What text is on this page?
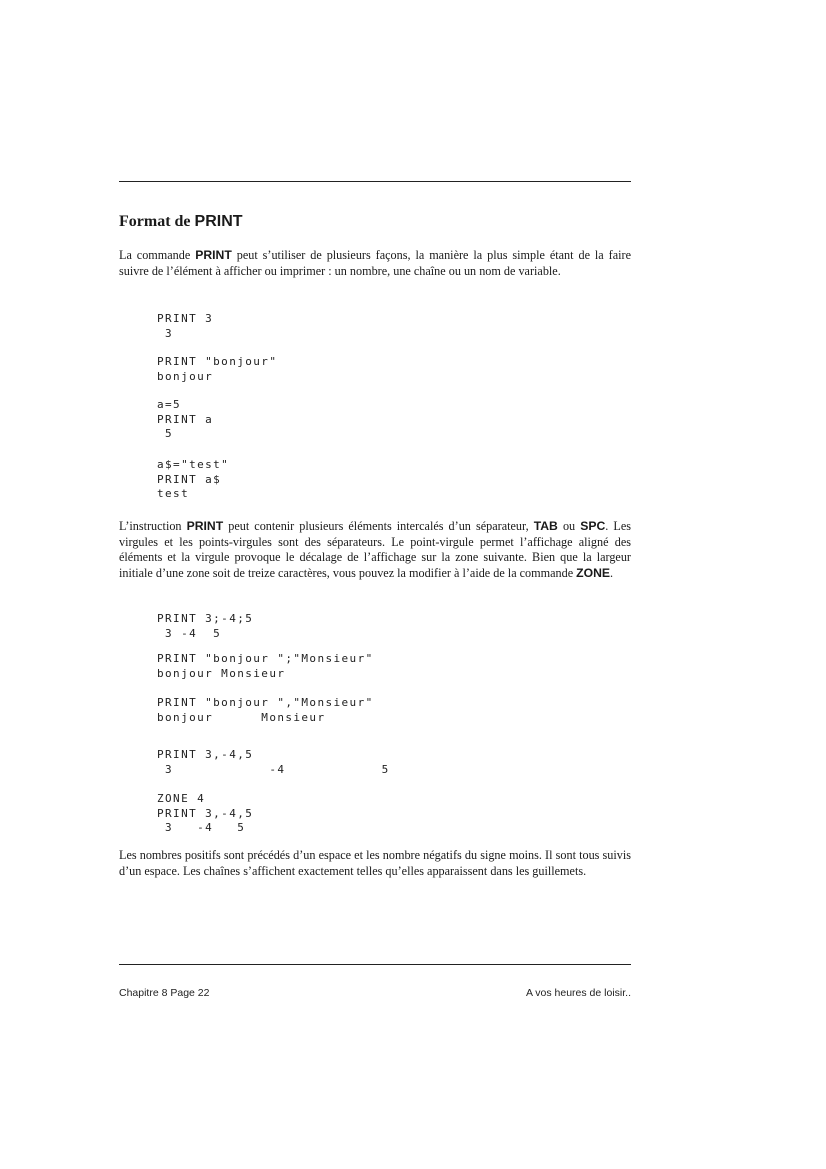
Format de PRINT

La commande PRINT peut s’utiliser de plusieurs façons, la manière la plus simple étant de la faire suivre de l’élément à afficher ou imprimer : un nombre, une chaîne ou un nom de variable.

PRINT 3
3
PRINT "bonjour"
bonjour
a=5
PRINT a
5
a$="test"
PRINT a$
test

L’instruction PRINT peut contenir plusieurs éléments intercalés d’un séparateur, TAB ou SPC. Les virgules et les points-virgules sont des séparateurs. Le point-virgule permet l’affichage aligné des éléments et la virgule provoque le décalage de l’affichage sur la zone suivante. Bien que la largeur initiale d’une zone soit de treize caractères, vous pouvez la modifier à l’aide de la commande ZONE.

PRINT 3;-4;5
3 -4  5
PRINT "bonjour ";"Monsieur"
bonjour Monsieur
PRINT "bonjour ","Monsieur"
bonjour      Monsieur
PRINT 3,-4,5
3            -4            5
ZONE 4
PRINT 3,-4,5
3   -4   5

Les nombres positifs sont précédés d’un espace et les nombre négatifs du signe moins. Il sont tous suivis d’un espace. Les chaînes s’affichent exactement telles qu’elles apparaissent dans les guillemets.

Chapitre 8 Page 22	A vos heures de loisir..
